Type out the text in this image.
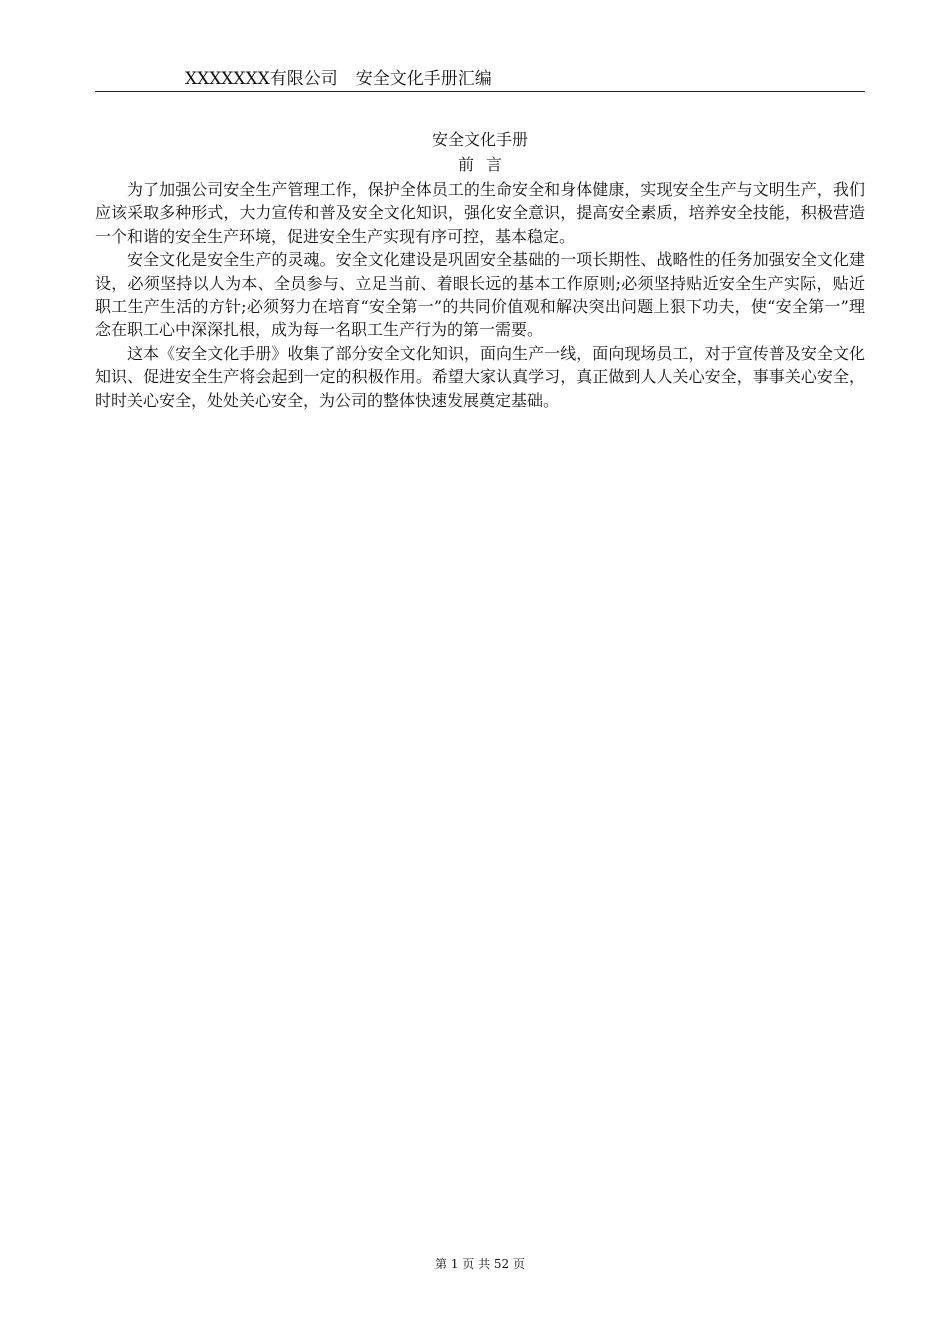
XXXXXXX有限公司 安全文化手册汇编
安全文化手册
前言

为了加强公司安全生产管理工作，保护全体员工的生命安全和身体健康，实现安全生产与文明生产，我们应该采取多种形式，大力宣传和普及安全文化知识，强化安全意识，提高安全素质，培养安全技能，积极营造一个和谐的安全生产环境，促进安全生产实现有序可控，基本稳定。

安全文化是安全生产的灵魂。安全文化建设是巩固安全基础的一项长期性、战略性的任务加强安全文化建设，必须坚持以人为本、全员参与、立足当前、着眼长远的基本工作原则;必须坚持贴近安全生产实际，贴近职工生产生活的方针;必须努力在培育“安全第一”的共同价值观和解决突出问题上狠下功夫，使“安全第一”理念在职工心中深深扎根，成为每一名职工生产行为的第一需要。

这本《安全文化手册》收集了部分安全文化知识，面向生产一线，面向现场员工，对于宣传普及安全文化知识、促进安全生产将会起到一定的积极作用。希望大家认真学习，真正做到人人关心安全，事事关心安全，时时关心安全，处处关心安全，为公司的整体快速发展奠定基础。

第 1 页 共 52 页
